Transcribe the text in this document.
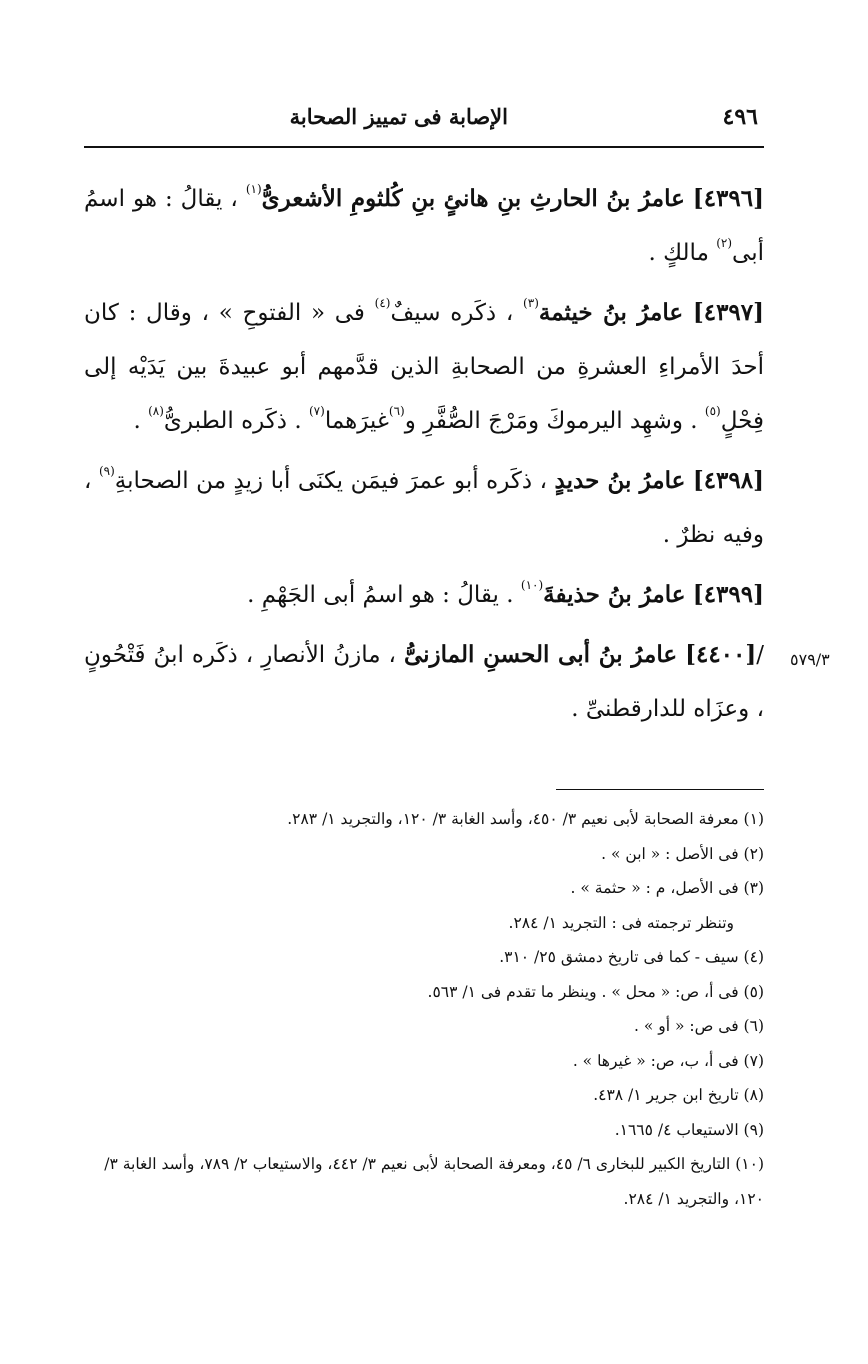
٤٩٦
الإصابة فى تمييز الصحابة

[٤٣٩٦] عامرُ بنُ الحارثِ بنِ هانئٍ بنِ كُلثومِ الأشعرىُّ$^{(١)}$ ، يقالُ : هو اسمُ أبى$^{(٢)}$ مالكٍ .

[٤٣٩٧] عامرُ بنُ خيثمة$^{(٣)}$ ، ذكَره سيفٌ$^{(٤)}$ فى « الفتوحِ » ، وقال : كان أحدَ الأمراءِ العشرةِ من الصحابةِ الذين قدَّمهم أبو عبيدةَ بين يَدَيْه إلى فِحْلٍ$^{(٥)}$ . وشهِد اليرموكَ ومَرْجَ الصُّفَّرِ و$^{(٦)}$غيرَهما$^{(٧)}$ . ذكَره الطبرىُّ$^{(٨)}$ .

[٤٣٩٨] عامرُ بنُ حديدٍ ، ذكَره أبو عمرَ فيمَن يكنَى أبا زيدٍ من الصحابةِ$^{(٩)}$ ، وفيه نظرٌ .

[٤٣٩٩] عامرُ بنُ حذيفةَ$^{(١٠)}$ . يقالُ : هو اسمُ أبى الجَهْمِ .

/[٤٤٠٠] عامرُ بنُ أبى الحسنِ المازنىُّ ، مازنُ الأنصارِ ، ذكَره ابنُ فَتْحُونٍ ، وعزَاه للدارقطنىِّ .

٥٧٩/٣

(١) معرفة الصحابة لأبى نعيم ٣/ ٤٥٠، وأسد الغابة ٣/ ١٢٠، والتجريد ١/ ٢٨٣.

(٢) فى الأصل : « ابن » .

(٣) فى الأصل، م : « حثمة » .

وتنظر ترجمته فى : التجريد ١/ ٢٨٤.

(٤) سيف - كما فى تاريخ دمشق ٢٥/ ٣١٠.

(٥) فى أ، ص: « محل » . وينظر ما تقدم فى ١/ ٥٦٣.

(٦) فى ص: « أو » .

(٧) فى أ، ب، ص: « غيرها » .

(٨) تاريخ ابن جرير ١/ ٤٣٨.

(٩) الاستيعاب ٤/ ١٦٦٥.

(١٠) التاريخ الكبير للبخارى ٦/ ٤٥، ومعرفة الصحابة لأبى نعيم ٣/ ٤٤٢، والاستيعاب ٢/ ٧٨٩، وأسد الغابة ٣/ ١٢٠، والتجريد ١/ ٢٨٤.
